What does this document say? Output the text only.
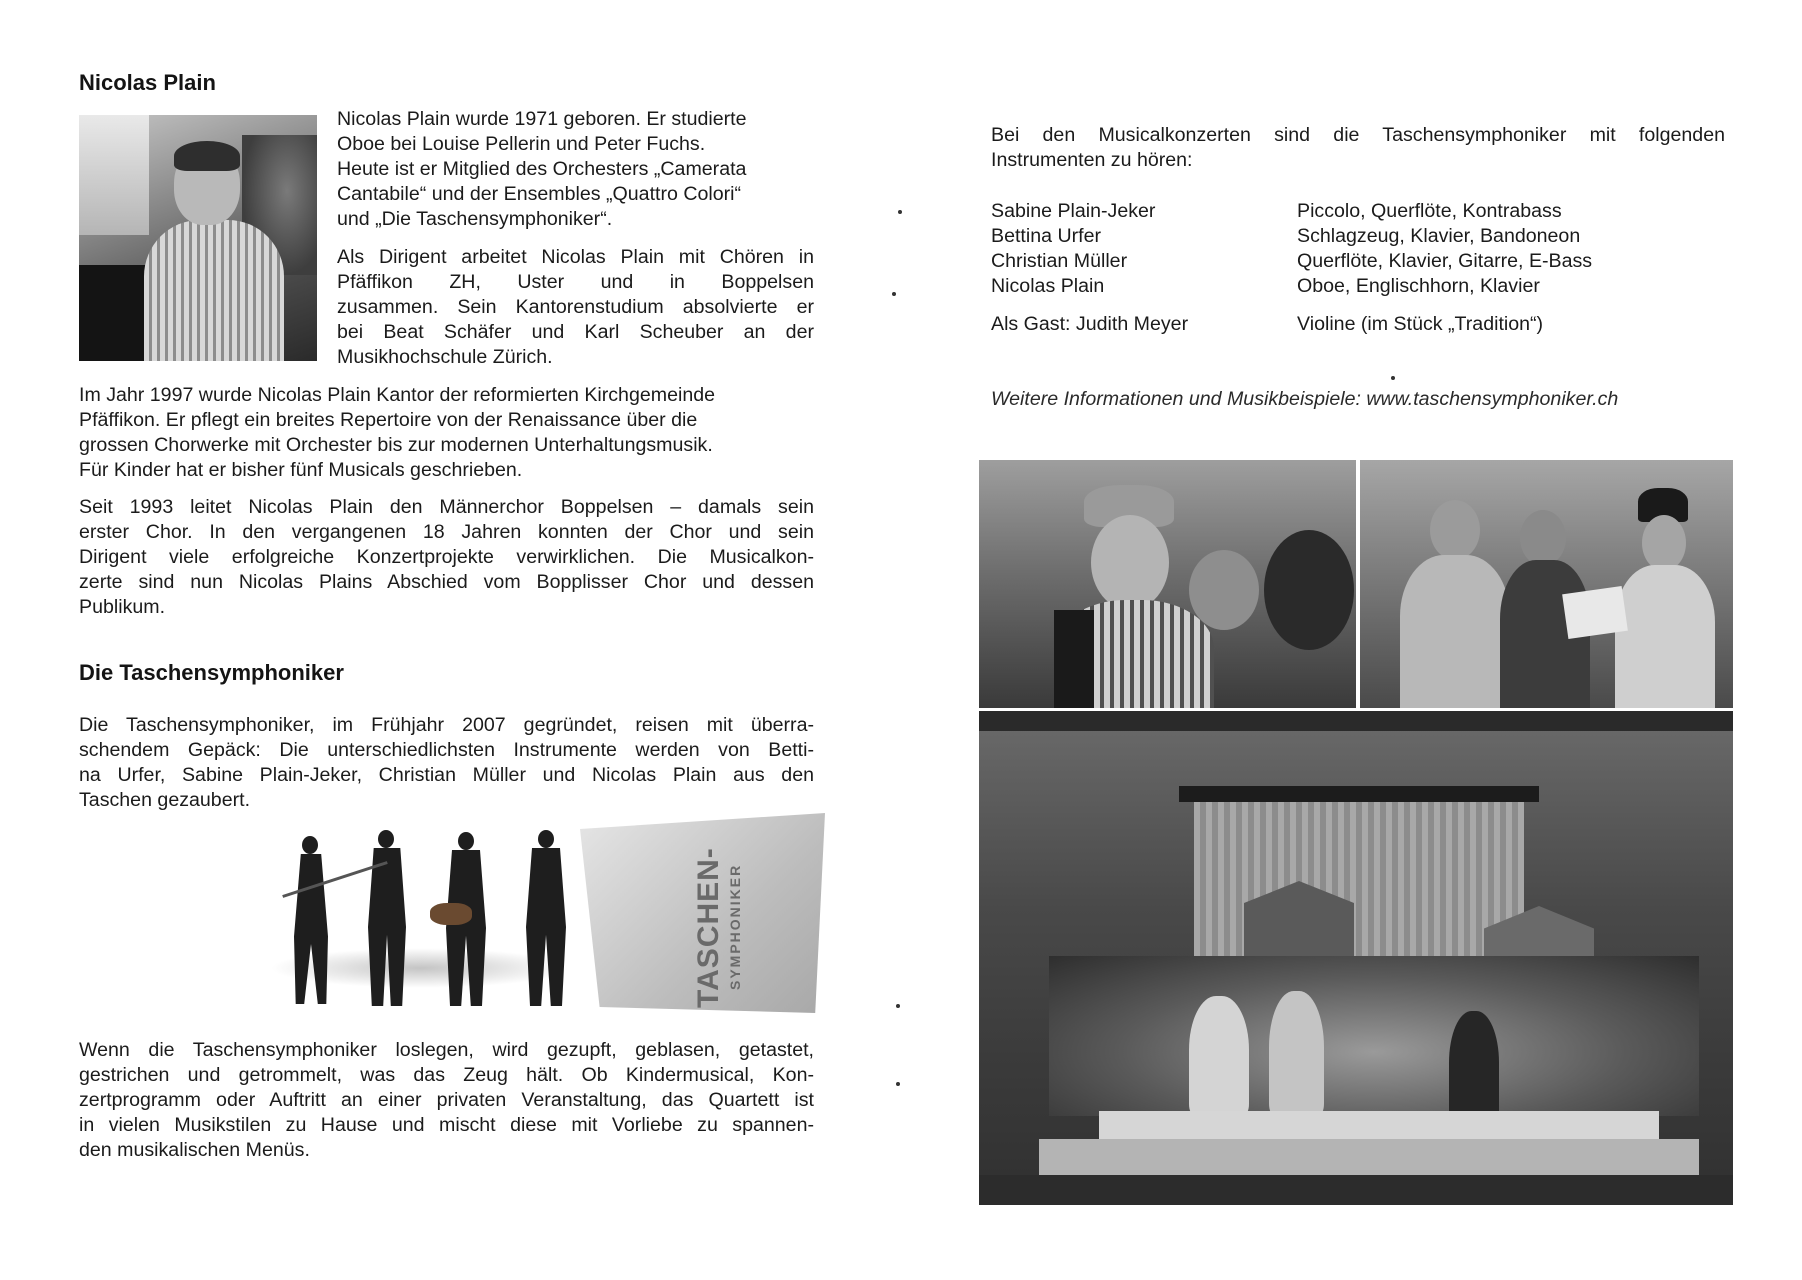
Nicolas Plain
Nicolas Plain wurde 1971 geboren. Er studierte
Oboe bei Louise Pellerin und Peter Fuchs.
Heute ist er Mitglied des Orchesters „Camerata
Cantabile“ und der Ensembles „Quattro Colori“
und „Die Taschensymphoniker“.
Als Dirigent arbeitet Nicolas Plain mit Chören in
Pfäffikon ZH, Uster und in Boppelsen
zusammen. Sein Kantorenstudium absolvierte er
bei Beat Schäfer und Karl Scheuber an der
Musikhochschule Zürich.
Im Jahr 1997 wurde Nicolas Plain Kantor der reformierten Kirchgemeinde
Pfäffikon. Er pflegt ein breites Repertoire von der Renaissance über die
grossen Chorwerke mit Orchester bis zur modernen Unterhaltungsmusik.
Für Kinder hat er bisher fünf Musicals geschrieben.
Seit 1993 leitet Nicolas Plain den Männerchor Boppelsen – damals sein
erster Chor. In den vergangenen 18 Jahren konnten der Chor und sein
Dirigent viele erfolgreiche Konzertprojekte verwirklichen. Die Musicalkon-
zerte sind nun Nicolas Plains Abschied vom Bopplisser Chor und dessen
Publikum.
Die Taschensymphoniker
Die Taschensymphoniker, im Frühjahr 2007 gegründet, reisen mit überra-
schendem Gepäck: Die unterschiedlichsten Instrumente werden von Betti-
na Urfer, Sabine Plain-Jeker, Christian Müller und Nicolas Plain aus den
Taschen gezaubert.
TASCHEN- SYMPHONIKER
Wenn die Taschensymphoniker loslegen, wird gezupft, geblasen, getastet,
gestrichen und getrommelt, was das Zeug hält. Ob Kindermusical, Kon-
zertprogramm oder Auftritt an einer privaten Veranstaltung, das Quartett ist
in vielen Musikstilen zu Hause und mischt diese mit Vorliebe zu spannen-
den musikalischen Menüs.
Bei den Musicalkonzerten sind die Taschensymphoniker mit folgenden
Instrumenten zu hören:
Sabine Plain-Jeker	Piccolo, Querflöte, Kontrabass
Bettina Urfer	Schlagzeug, Klavier, Bandoneon
Christian Müller	Querflöte, Klavier, Gitarre, E-Bass
Nicolas Plain	Oboe, Englischhorn, Klavier
Als Gast: Judith Meyer	Violine (im Stück „Tradition“)
Weitere Informationen und Musikbeispiele: www.taschensymphoniker.ch
